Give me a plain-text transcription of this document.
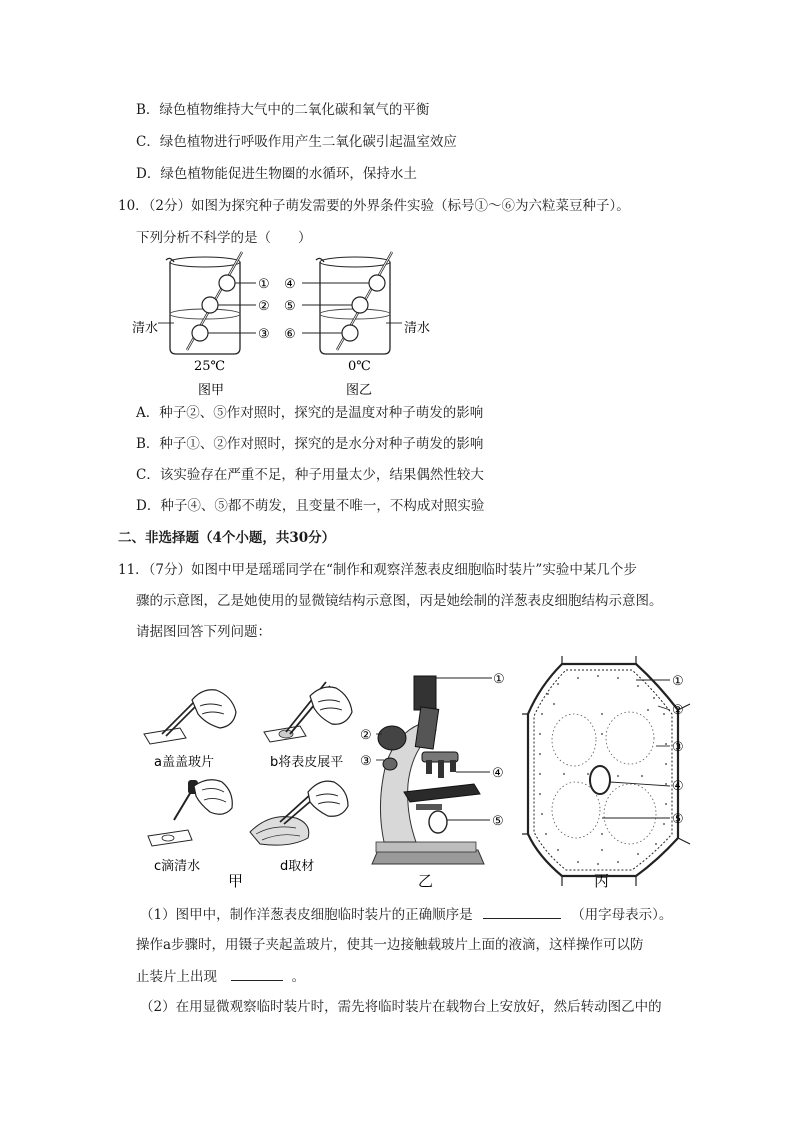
B．绿色植物维持大气中的二氧化碳和氧气的平衡
C．绿色植物进行呼吸作用产生二氧化碳引起温室效应
D．绿色植物能促进生物圈的水循环，保持水土
10．（2分）如图为探究种子萌发需要的外界条件实验（标号①～⑥为六粒菜豆种子）。
下列分析不科学的是（　　）
①
②
③
清水
25℃
图甲
④
⑤
⑥	清水
0℃
图乙
A．种子②、⑤作对照时，探究的是温度对种子萌发的影响
B．种子①、②作对照时，探究的是水分对种子萌发的影响
C．该实验存在严重不足，种子用量太少，结果偶然性较大
D．种子④、⑤都不萌发，且变量不唯一，不构成对照实验
二、非选择题（4个小题，共30分）
11．（7分）如图中甲是瑶瑶同学在“制作和观察洋葱表皮细胞临时装片”实验中某几个步
骤的示意图，乙是她使用的显微镜结构示意图，丙是她绘制的洋葱表皮细胞结构示意图。
请据图回答下列问题：
a盖盖玻片	b将表皮展平
c滴清水	d取材
甲
①
②
③
④
⑤
乙
①
②
③
④
⑤
丙
（1）图甲中，制作洋葱表皮细胞临时装片的正确顺序是	（用字母表示）。
操作a步骤时，用镊子夹起盖玻片，使其一边接触载玻片上面的液滴，这样操作可以防
止装片上出现	。
（2）在用显微观察临时装片时，需先将临时装片在载物台上安放好，然后转动图乙中的
